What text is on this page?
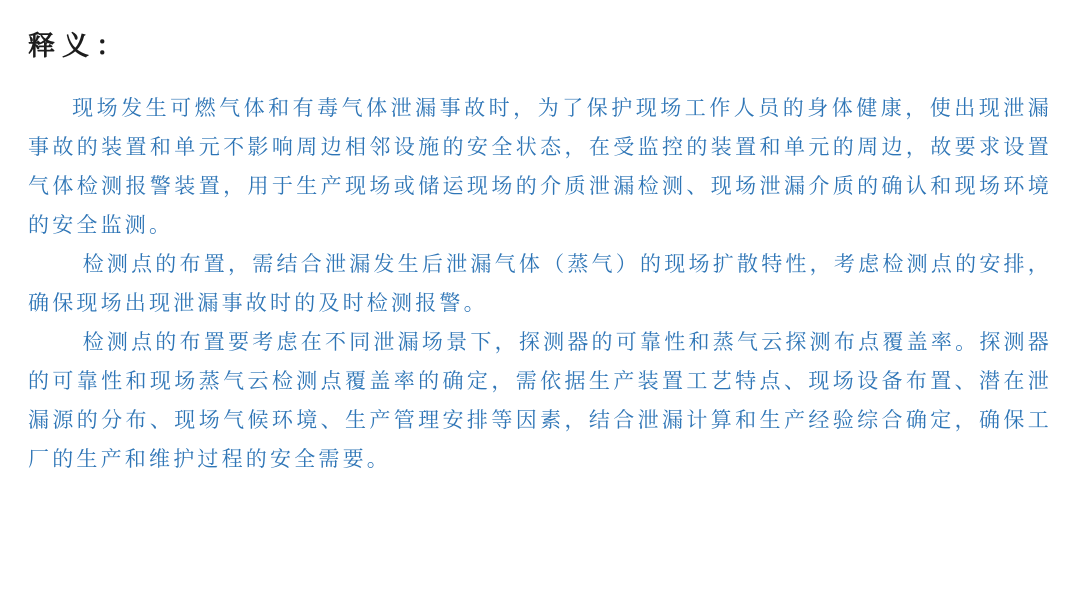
释义：

现场发生可燃气体和有毒气体泄漏事故时，为了保护现场工作人员的身体健康，使出现泄漏事故的装置和单元不影响周边相邻设施的安全状态，在受监控的装置和单元的周边，故要求设置气体检测报警装置，用于生产现场或储运现场的介质泄漏检测、现场泄漏介质的确认和现场环境的安全监测。

检测点的布置，需结合泄漏发生后泄漏气体（蒸气）的现场扩散特性，考虑检测点的安排，确保现场出现泄漏事故时的及时检测报警。

检测点的布置要考虑在不同泄漏场景下，探测器的可靠性和蒸气云探测布点覆盖率。探测器的可靠性和现场蒸气云检测点覆盖率的确定，需依据生产装置工艺特点、现场设备布置、潜在泄漏源的分布、现场气候环境、生产管理安排等因素，结合泄漏计算和生产经验综合确定，确保工厂的生产和维护过程的安全需要。
